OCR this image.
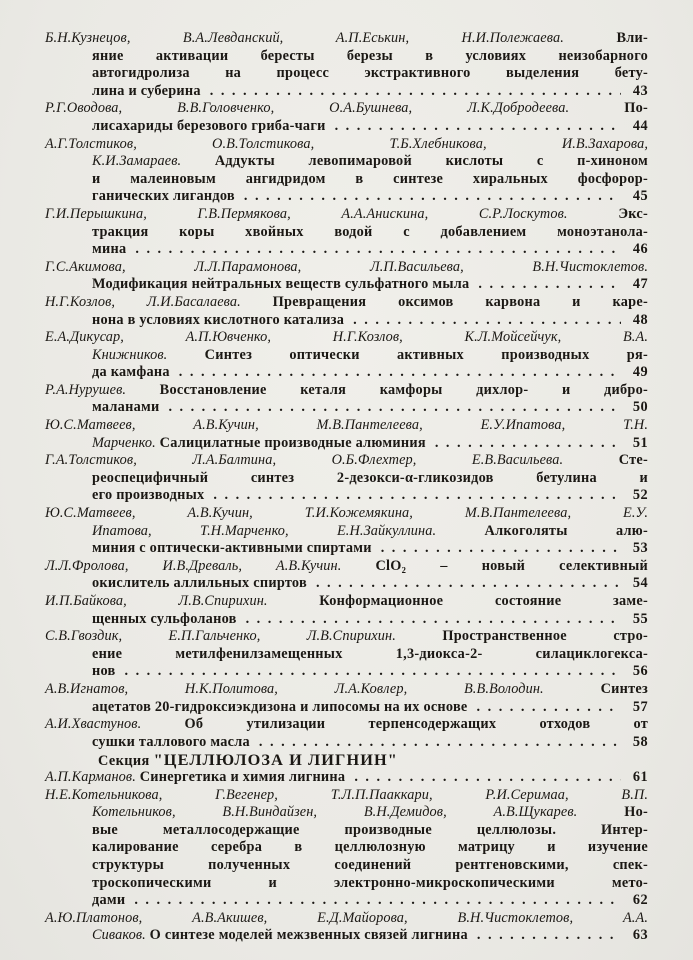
Б.Н.Кузнецов, В.А.Левданский, А.П.Еськин, Н.И.Полежаева. Вли-
яние активации бересты березы в условиях неизобарного
автогидролиза на процесс экстрактивного выделения бету-
лина и суберина .....	43
Р.Г.Оводова, В.В.Головченко, О.А.Бушнева, Л.К.Добродеева. По-
лисахариды березового гриба-чаги .....	44
А.Г.Толстиков, О.В.Толстикова, Т.Б.Хлебникова, И.В.Захарова,
К.И.Замараев. Аддукты левопимаровой кислоты с п-хиноном
и малеиновым ангидридом в синтезе хиральных фосфорор-
ганических лигандов .....	45
Г.И.Перышкина, Г.В.Пермякова, А.А.Анискина, С.Р.Лоскутов. Экс-
тракция коры хвойных водой с добавлением моноэтанола-
мина .....	46
Г.С.Акимова, Л.Л.Парамонова, Л.П.Васильева, В.Н.Чистоклетов.
Модификация нейтральных веществ сульфатного мыла .....	47
Н.Г.Козлов, Л.И.Басалаева. Превращения оксимов карвона и каре-
нона в условиях кислотного катализа .....	48
Е.А.Дикусар, А.П.Ювченко, Н.Г.Козлов, К.Л.Мойсейчук, В.А.
Книжников. Синтез оптически активных производных ря-
да камфана .....	49
Р.А.Нурушев. Восстановление кеталя камфоры дихлор- и дибро-
маланами .....	50
Ю.С.Матвеев, А.В.Кучин, М.В.Пантелеева, Е.У.Ипатова, Т.Н.
Марченко. Салицилатные производные алюминия .....	51
Г.А.Толстиков, Л.А.Балтина, О.Б.Флехтер, Е.В.Васильева. Сте-
реоспецифичный синтез 2-дезокси-α-гликозидов бетулина и
его производных .....	52
Ю.С.Матвеев, А.В.Кучин, Т.И.Кожемякина, М.В.Пантелеева, Е.У.
Ипатова, Т.Н.Марченко, Е.Н.Зайкуллина. Алкоголяты алю-
миния с оптически-активными спиртами .....	53
Л.Л.Фролова, И.В.Древаль, А.В.Кучин. ClO₂ – новый селективный
окислитель аллильных спиртов .....	54
И.П.Байкова, Л.В.Спирихин. Конформационное состояние заме-
щенных сульфоланов .....	55
С.В.Гвоздик, Е.П.Гальченко, Л.В.Спирихин. Пространственное стро-
ение метилфенилзамещенных 1,3-диокса-2- силациклогекса-
нов .....	56
А.В.Игнатов, Н.К.Политова, Л.А.Ковлер, В.В.Володин. Синтез
ацетатов 20-гидроксиэкдизона и липосомы на их основе .....	57
А.И.Хвастунов. Об утилизации терпенсодержащих отходов от
сушки таллового масла .....	58
Секция "ЦЕЛЛЮЛОЗА И ЛИГНИН"
А.П.Карманов. Синергетика и химия лигнина .....	61
Н.Е.Котельникова, Г.Вегенер, Т.Л.П.Пааккари, Р.И.Серимаа, В.П.
Котельников, В.Н.Виндайзен, В.Н.Демидов, А.В.Щукарев. Но-
вые металлосодержащие производные целлюлозы. Интер-
калирование серебра в целлюлозную матрицу и изучение
структуры полученных соединений рентгеновскими, спек-
троскопическими и электронно-микроскопическими мето-
дами .....	62
А.Ю.Платонов, А.В.Акишев, Е.Д.Майорова, В.Н.Чистоклетов, А.А.
Сиваков. О синтезе моделей межзвенных связей лигнина .....	63
